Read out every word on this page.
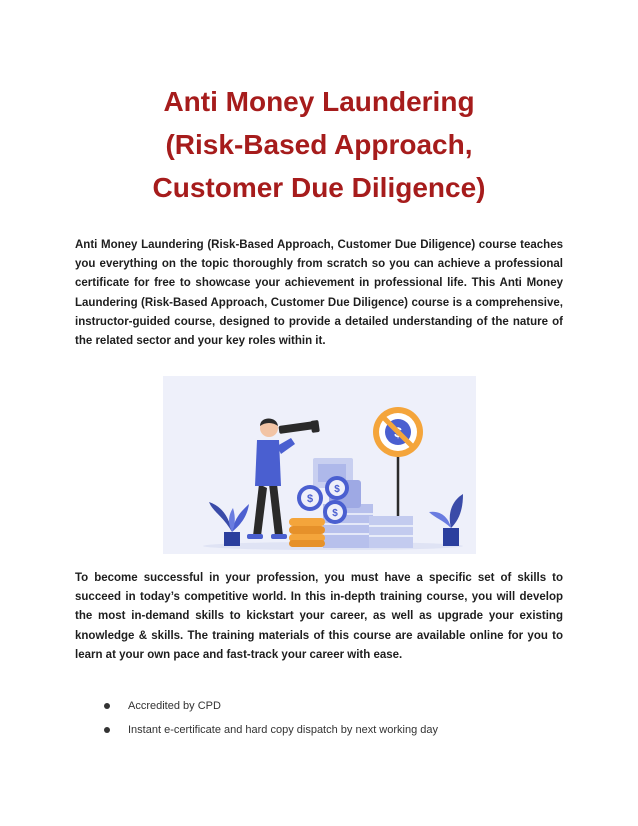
Anti Money Laundering
(Risk-Based Approach,
Customer Due Diligence)

Anti Money Laundering (Risk-Based Approach, Customer Due Diligence) course teaches you everything on the topic thoroughly from scratch so you can achieve a professional certificate for free to showcase your achievement in professional life. This Anti Money Laundering (Risk-Based Approach, Customer Due Diligence) course is a comprehensive, instructor-guided course, designed to provide a detailed understanding of the nature of the related sector and your key roles within it.

$
$
$

To become successful in your profession, you must have a specific set of skills to succeed in today’s competitive world. In this in-depth training course, you will develop the most in-demand skills to kickstart your career, as well as upgrade your existing knowledge & skills. The training materials of this course are available online for you to learn at your own pace and fast-track your career with ease.

Accredited by CPD
Instant e-certificate and hard copy dispatch by next working day
